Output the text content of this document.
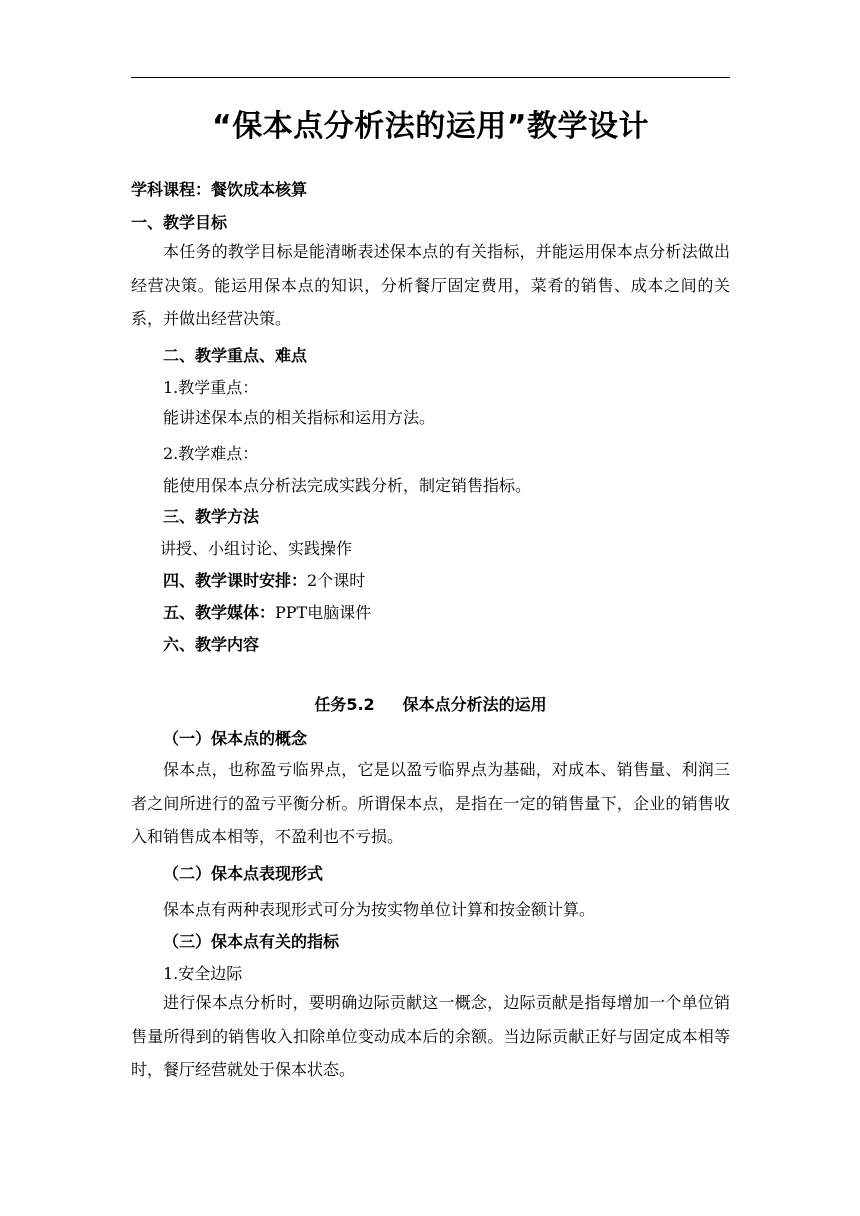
“保本点分析法的运用”教学设计
学科课程：餐饮成本核算
一、教学目标

本任务的教学目标是能清晰表述保本点的有关指标，并能运用保本点分析法做出经营决策。能运用保本点的知识，分析餐厅固定费用，菜肴的销售、成本之间的关系，并做出经营决策。

二、教学重点、难点
1.教学重点：
能讲述保本点的相关指标和运用方法。
2.教学难点：
能使用保本点分析法完成实践分析，制定销售指标。
三、教学方法
讲授、小组讨论、实践操作
四、教学课时安排：2个课时
五、教学媒体：PPT电脑课件
六、教学内容
任务5.2 保本点分析法的运用
（一）保本点的概念

保本点，也称盈亏临界点，它是以盈亏临界点为基础，对成本、销售量、利润三者之间所进行的盈亏平衡分析。所谓保本点，是指在一定的销售量下，企业的销售收入和销售成本相等，不盈利也不亏损。

（二）保本点表现形式

保本点有两种表现形式可分为按实物单位计算和按金额计算。

（三）保本点有关的指标
1.安全边际

进行保本点分析时，要明确边际贡献这一概念，边际贡献是指每增加一个单位销售量所得到的销售收入扣除单位变动成本后的余额。当边际贡献正好与固定成本相等时，餐厅经营就处于保本状态。
